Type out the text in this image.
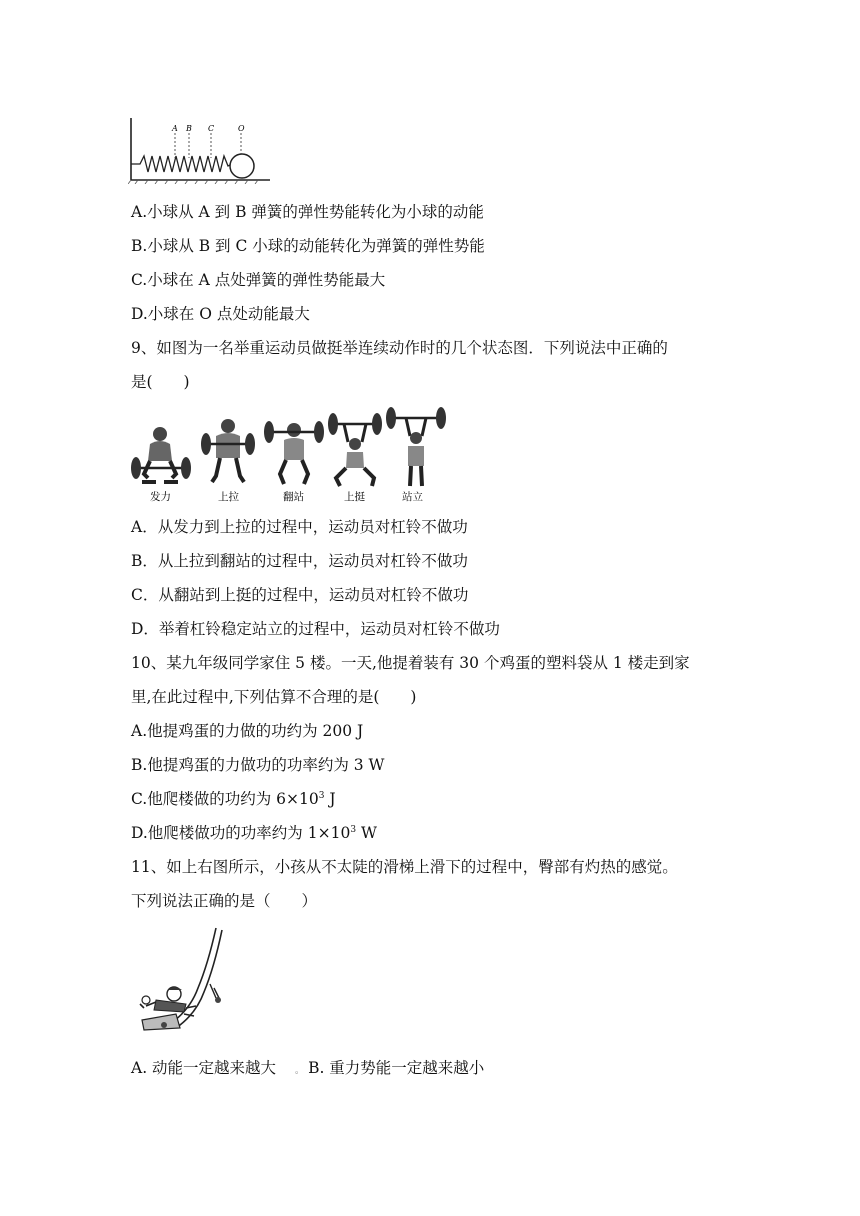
A B C	O
A.小球从 A 到 B 弹簧的弹性势能转化为小球的动能
B.小球从 B 到 C 小球的动能转化为弹簧的弹性势能
C.小球在 A 点处弹簧的弹性势能最大
D.小球在 O 点处动能最大
9、如图为一名举重运动员做挺举连续动作时的几个状态图．下列说法中正确的
是(　　)
发力	上拉	翻站	上挺	站立
A．从发力到上拉的过程中，运动员对杠铃不做功
B．从上拉到翻站的过程中，运动员对杠铃不做功
C．从翻站到上挺的过程中，运动员对杠铃不做功
D．举着杠铃稳定站立的过程中，运动员对杠铃不做功
10、某九年级同学家住 5 楼。一天,他提着装有 30 个鸡蛋的塑料袋从 1 楼走到家
里,在此过程中,下列估算不合理的是(　　)
A.他提鸡蛋的力做的功约为 200 J
B.他提鸡蛋的力做功的功率约为 3 W
C.他爬楼做的功约为 $6\times 10^3$ J
D.他爬楼做功的功率约为 $1\times 10^3$ W
11、如上右图所示，小孩从不太陡的滑梯上滑下的过程中，臀部有灼热的感觉。
下列说法正确的是（　　）
A. 动能一定越来越大 。 B. 重力势能一定越来越小
